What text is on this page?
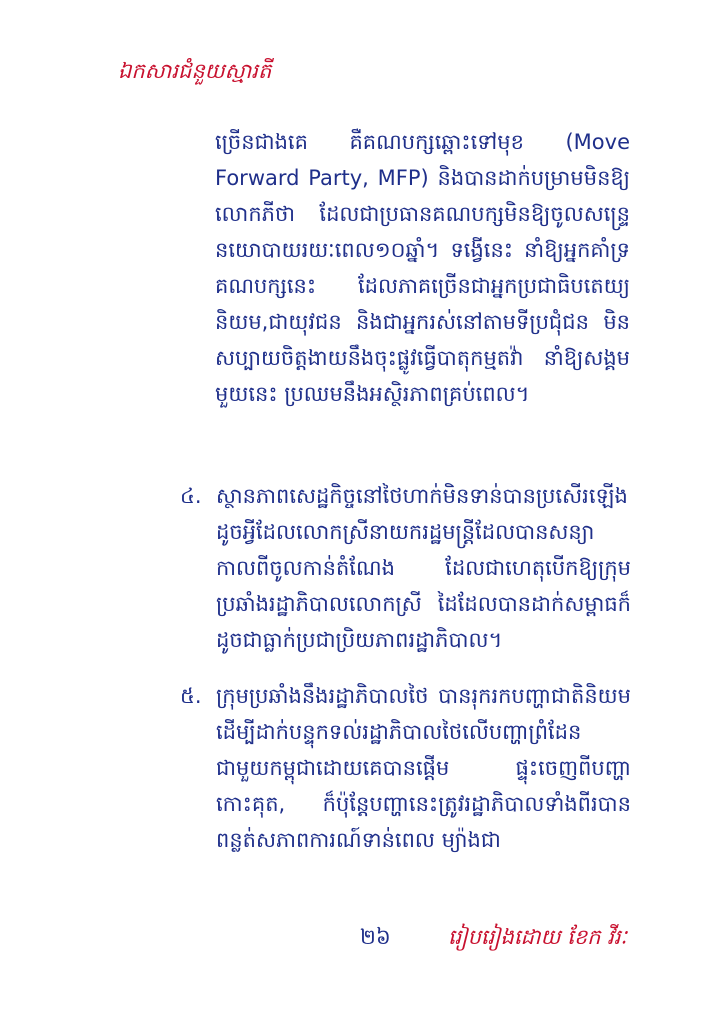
ឯកសារជំនួយស្មារតី
ច្រើនជាងគេ គឺគណបក្សឆ្ពោះទៅមុខ (Move Forward Party, MFP) និងបានដាក់បម្រាមមិនឱ្យលោកភីថា ដែលជាប្រធានគណបក្សមិនឱ្យចូលសន្ទ្រេនយោបាយរយៈពេល១០ឆ្នាំ។ ទង្វើនេះ នាំឱ្យអ្នកគាំទ្រគណបក្សនេះ ដែលភាគច្រើនជាអ្នកប្រជាធិបតេយ្យនិយម,ជាយុវជន និងជាអ្នករស់នៅតាមទីប្រជុំជន មិនសប្បាយចិត្តងាយនឹងចុះផ្លូវធ្វើបាតុកម្មតវ៉ា នាំឱ្យសង្គមមួយនេះ ប្រឈមនឹងអស្ថិរភាពគ្រប់ពេល។
៤. ស្ថានភាពសេដ្ឋកិច្ចនៅថៃហាក់មិនទាន់បានប្រសើរឡើង ដូចអ្វីដែលលោកស្រីនាយករដ្ឋមន្ត្រីដែលបានសន្យាកាលពីចូលកាន់តំណែង ដែលជាហេតុបើកឱ្យក្រុមប្រឆាំងរដ្ឋាភិបាលលោកស្រី ដៃដែលបានដាក់សម្ពាធក៏ដូចជាធ្លាក់ប្រជាប្រិយភាពរដ្ឋាភិបាល។
៥. ក្រុមប្រឆាំងនឹងរដ្ឋាភិបាលថៃ បានរុករកបញ្ហាជាតិនិយម ដើម្បីដាក់បន្ទុកទល់រដ្ឋាភិបាលថៃលើបញ្ហាព្រំដែនជាមួយកម្ពុជាដោយគេបានផ្តើម ផ្ទុះចេញពីបញ្ហា កោះគុត, ក៏ប៉ុន្តែបញ្ហានេះត្រូវរដ្ឋាភិបាលទាំងពីរបានពន្លត់សភាពការណ៍ទាន់ពេល ម្យ៉ាងជា
២៦	រៀបរៀងដោយ ខែក វីរៈ
